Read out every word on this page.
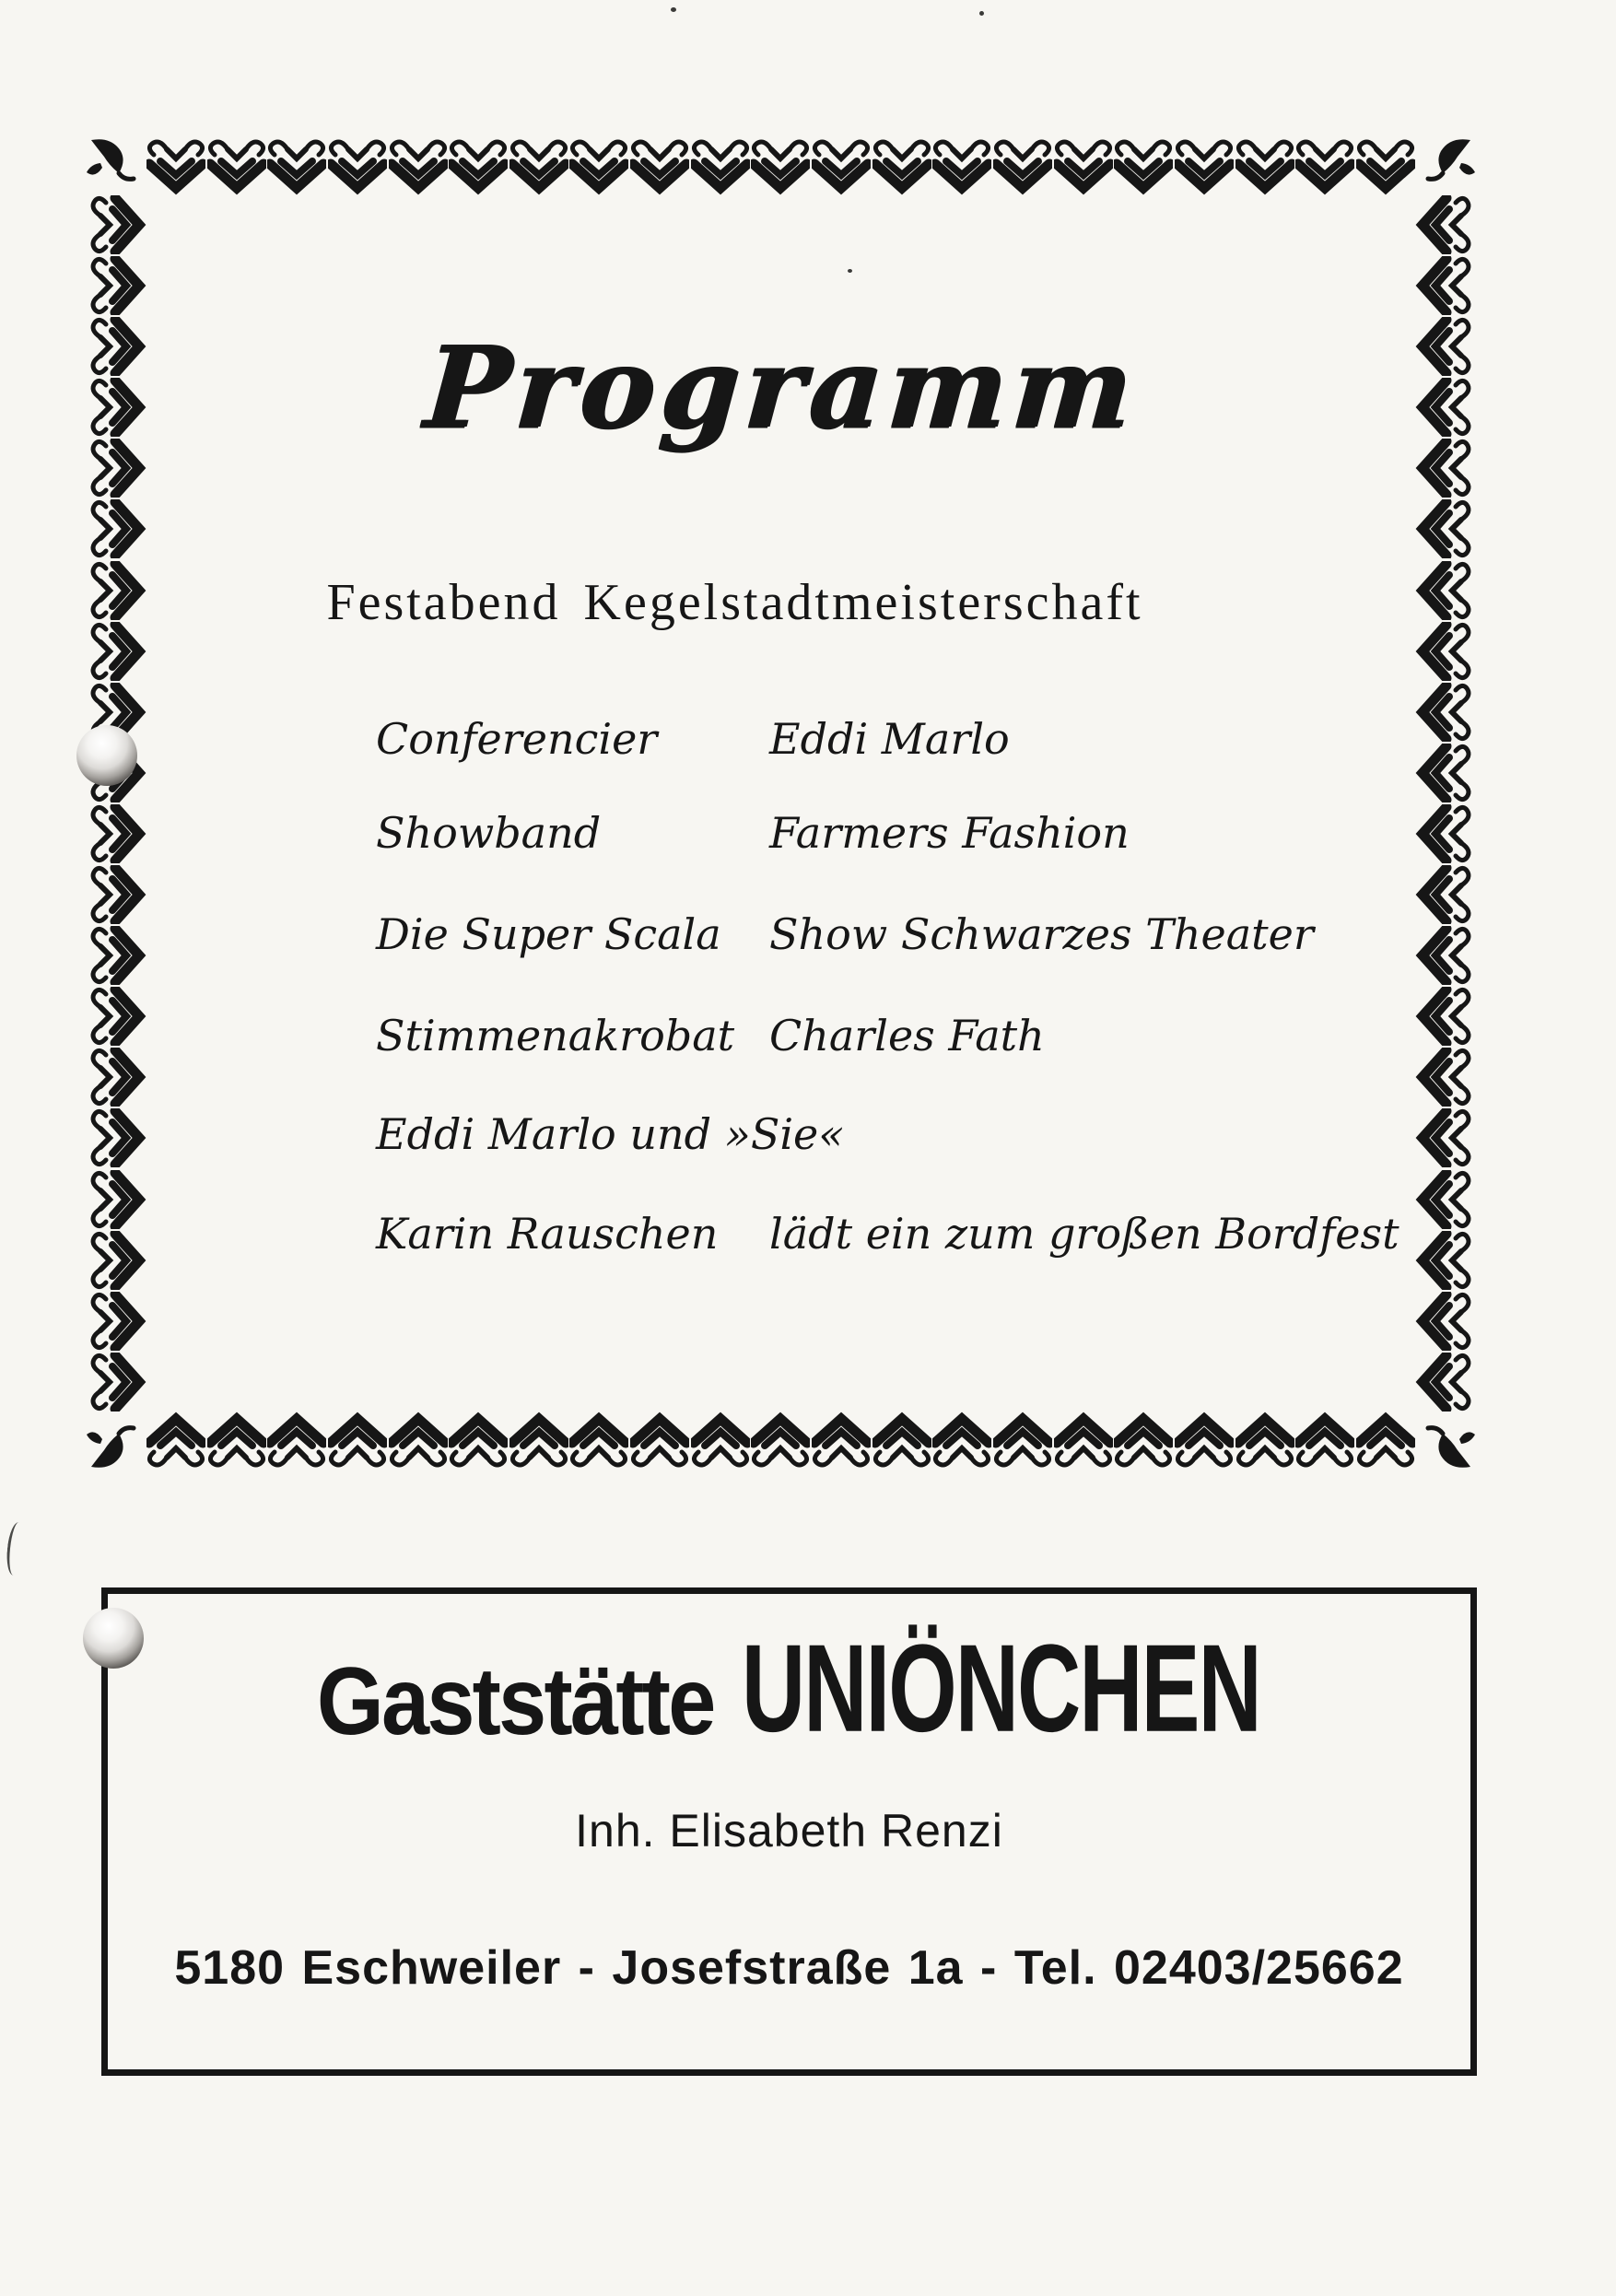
Programm
Festabend Kegelstadtmeisterschaft
Conferencier	Eddi Marlo
Showband	Farmers Fashion
Die Super Scala Show Schwarzes Theater
Stimmenakrobat Charles Fath
Eddi Marlo und »Sie«
Karin Rauschen lädt ein zum großen Bordfest
Gaststätte UNIÖNCHEN
Inh. Elisabeth Renzi
5180 Eschweiler - Josefstraße 1a - Tel. 02403/25662
